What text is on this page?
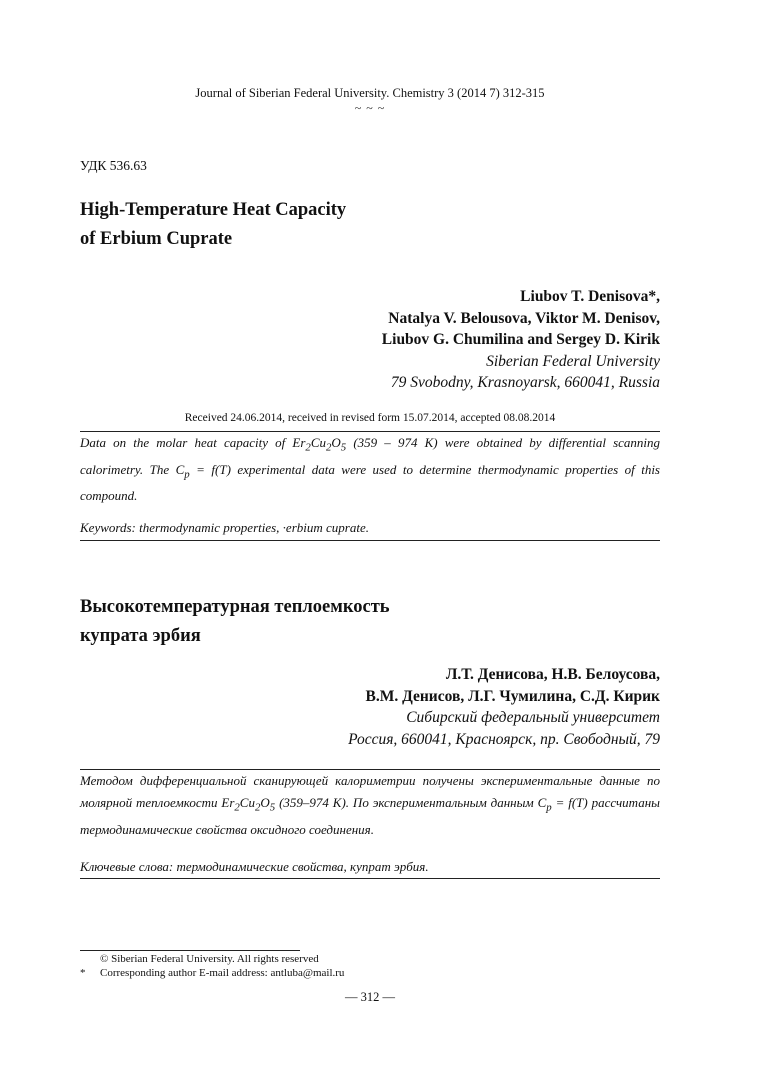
Journal of Siberian Federal University. Chemistry 3 (2014 7) 312-315
~ ~ ~
УДК 536.63
High-Temperature Heat Capacity
of Erbium Cuprate
Liubov T. Denisova*,
Natalya V. Belousova, Viktor M. Denisov,
Liubov G. Chumilina and Sergey D. Kirik
Siberian Federal University
79 Svobodny, Krasnoyarsk, 660041, Russia
Received 24.06.2014, received in revised form 15.07.2014, accepted 08.08.2014
Data on the molar heat capacity of $Er_2Cu_2O_5$ (359 – 974 K) were obtained by differential scanning calorimetry. The $C_p = f(T)$ experimental data were used to determine thermodynamic properties of this compound.
Keywords: thermodynamic properties, ·erbium cuprate.
Высокотемпературная теплоемкость
купрата эрбия
Л.Т. Денисова, Н.В. Белоусова,
В.М. Денисов, Л.Г. Чумилина, С.Д. Кирик
Сибирский федеральный университет
Россия, 660041, Красноярск, пр. Свободный, 79
Методом дифференциальной сканирующей калориметрии получены экспериментальные данные по молярной теплоемкости $Er_2Cu_2O_5$ (359–974 K). По экспериментальным данным $C_p = f(T)$ рассчитаны термодинамические свойства оксидного соединения.
Ключевые слова: термодинамические свойства, купрат эрбия.
© Siberian Federal University. All rights reserved
* Corresponding author E-mail address: antluba@mail.ru
— 312 —
